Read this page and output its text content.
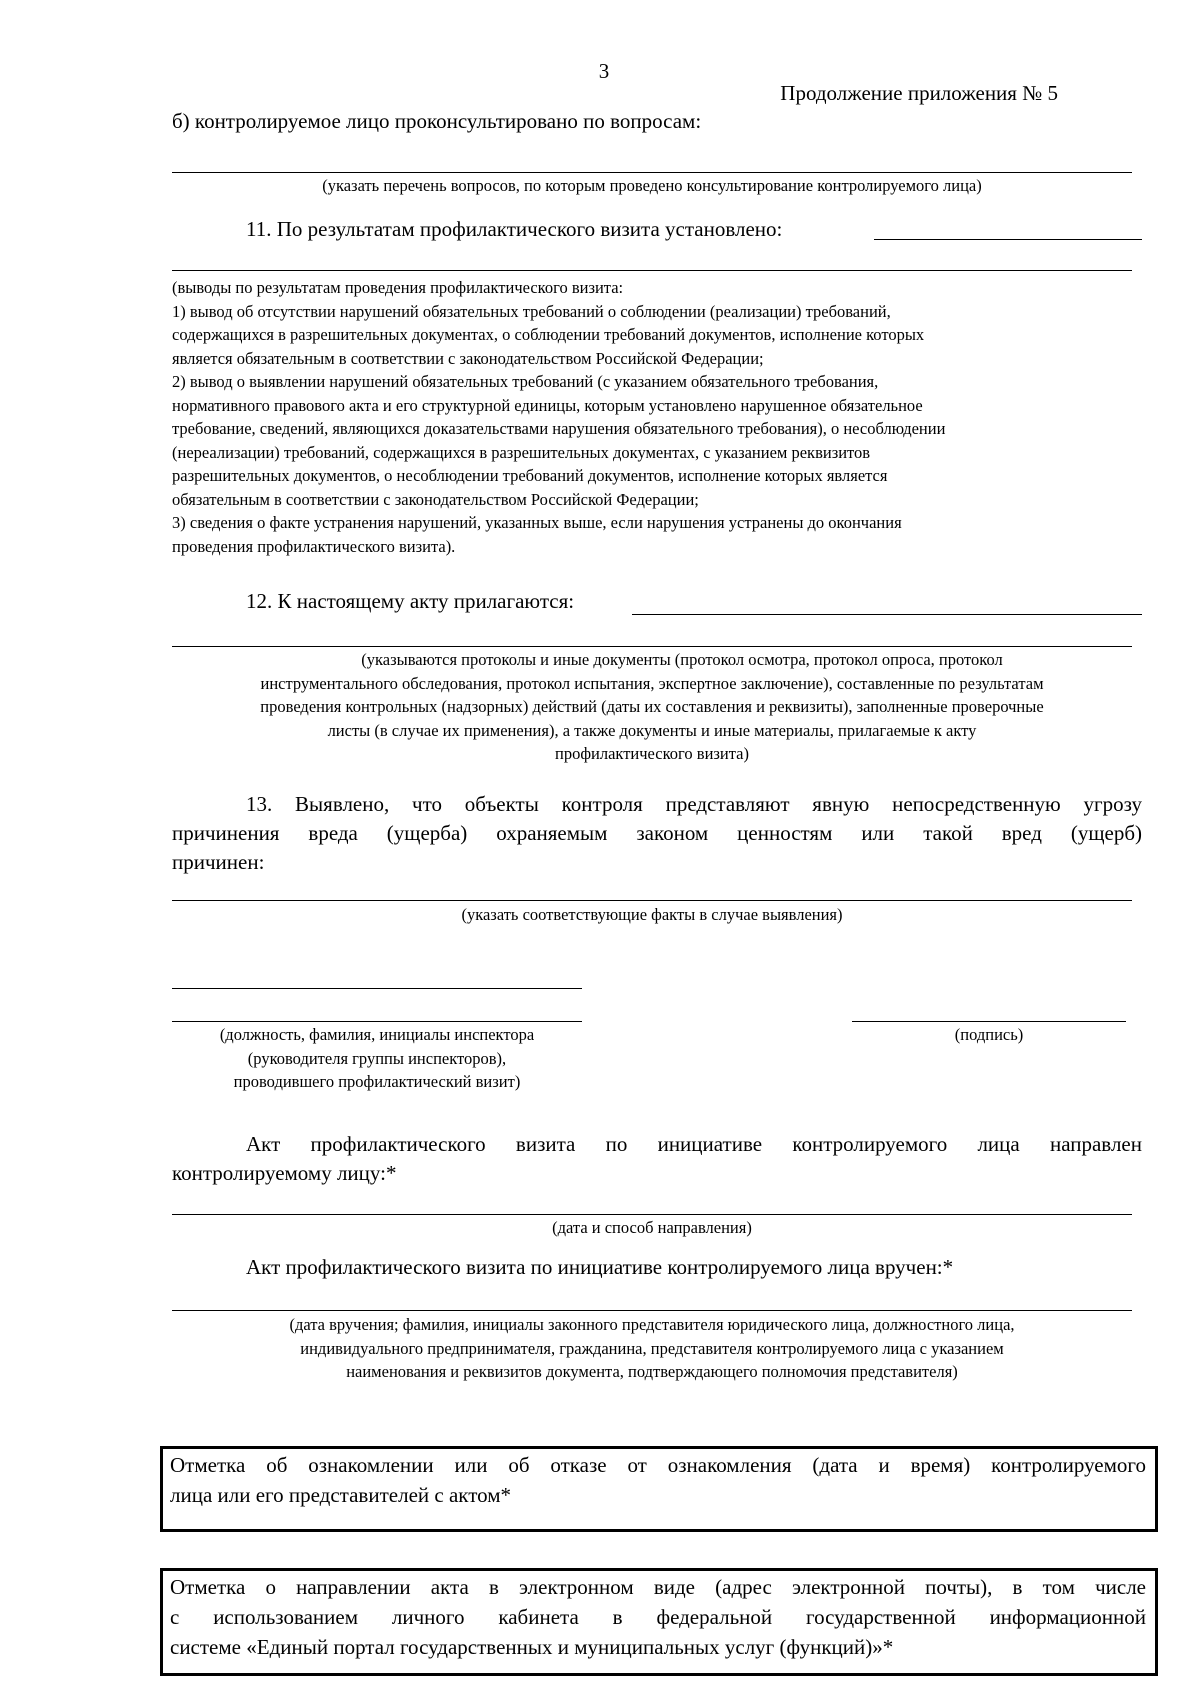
3
Продолжение приложения № 5
б) контролируемое лицо проконсультировано по вопросам:
(указать перечень вопросов, по которым проведено консультирование контролируемого лица)
11. По результатам профилактического визита установлено:
(выводы по результатам проведения профилактического визита:
1) вывод об отсутствии нарушений обязательных требований о соблюдении (реализации) требований,
содержащихся в разрешительных документах, о соблюдении требований документов, исполнение которых
является обязательным в соответствии с законодательством Российской Федерации;
2) вывод о выявлении нарушений обязательных требований (с указанием обязательного требования,
нормативного правового акта и его структурной единицы, которым установлено нарушенное обязательное
требование, сведений, являющихся доказательствами нарушения обязательного требования), о несоблюдении
(нереализации) требований, содержащихся в разрешительных документах, с указанием реквизитов
разрешительных документов, о несоблюдении требований документов, исполнение которых является
обязательным в соответствии с законодательством Российской Федерации;
3) сведения о факте устранения нарушений, указанных выше, если нарушения устранены до окончания
проведения профилактического визита).
12. К настоящему акту прилагаются:
(указываются протоколы и иные документы (протокол осмотра, протокол опроса, протокол
инструментального обследования, протокол испытания, экспертное заключение), составленные по результатам
проведения контрольных (надзорных) действий (даты их составления и реквизиты), заполненные проверочные
листы (в случае их применения), а также документы и иные материалы, прилагаемые к акту
профилактического визита)
13. Выявлено, что объекты контроля представляют явную непосредственную угрозу
причинения вреда (ущерба) охраняемым законом ценностям или такой вред (ущерб)
причинен:
(указать соответствующие факты в случае выявления)
(должность, фамилия, инициалы инспектора
(руководителя группы инспекторов),
проводившего профилактический визит)
(подпись)
Акт профилактического визита по инициативе контролируемого лица направлен
контролируемому лицу:*
(дата и способ направления)
Акт профилактического визита по инициативе контролируемого лица вручен:*
(дата вручения; фамилия, инициалы законного представителя юридического лица, должностного лица,
индивидуального предпринимателя, гражданина, представителя контролируемого лица с указанием
наименования и реквизитов документа, подтверждающего полномочия представителя)
Отметка об ознакомлении или об отказе от ознакомления (дата и время) контролируемого
лица или его представителей с актом*
Отметка о направлении акта в электронном виде (адрес электронной почты), в том числе
с использованием личного кабинета в федеральной государственной информационной
системе «Единый портал государственных и муниципальных услуг (функций)»*
